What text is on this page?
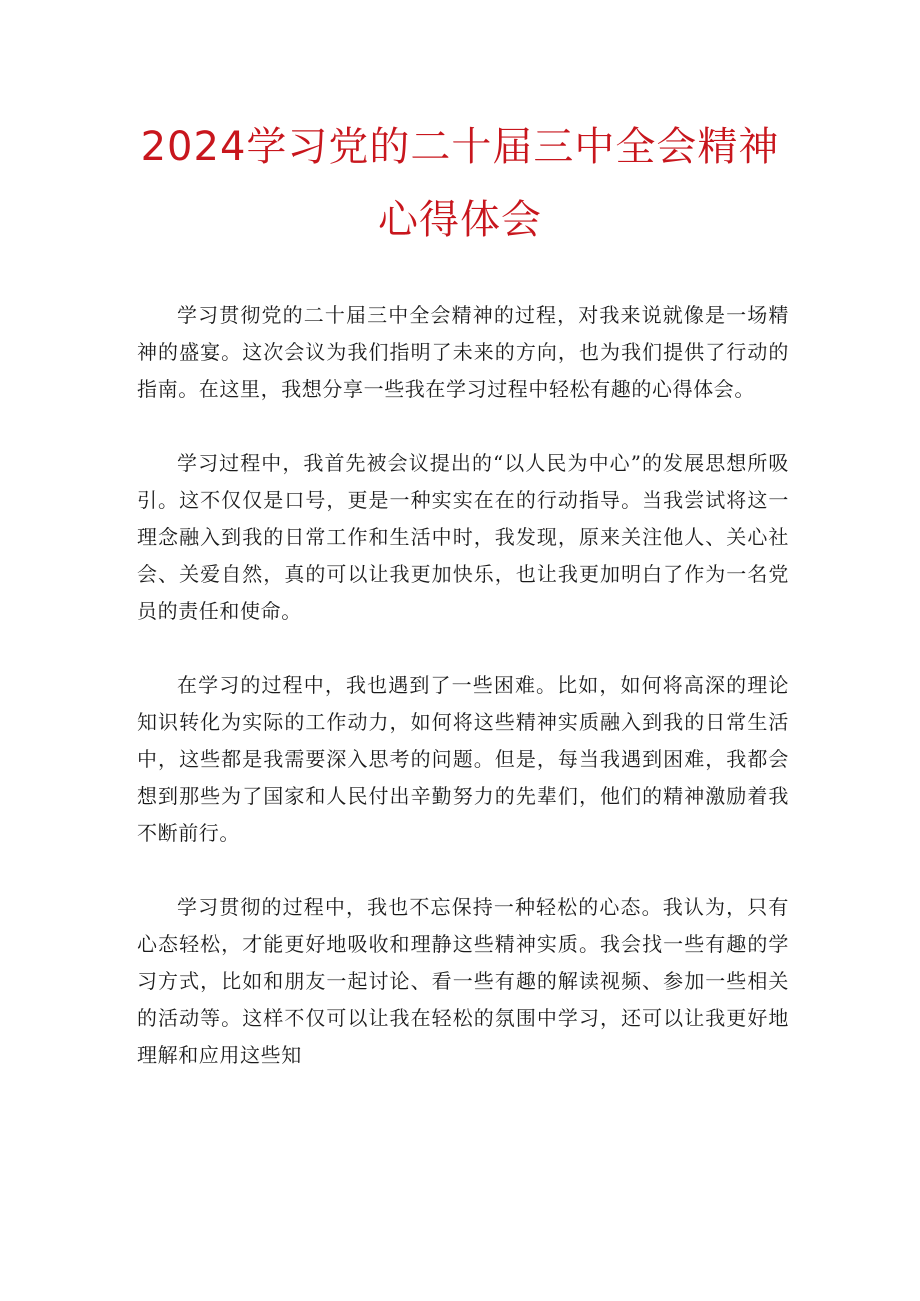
2024学习党的二十届三中全会精神
心得体会

学习贯彻党的二十届三中全会精神的过程，对我来说就像是一场精神的盛宴。这次会议为我们指明了未来的方向，也为我们提供了行动的指南。在这里，我想分享一些我在学习过程中轻松有趣的心得体会。

学习过程中，我首先被会议提出的“以人民为中心”的发展思想所吸引。这不仅仅是口号，更是一种实实在在的行动指导。当我尝试将这一理念融入到我的日常工作和生活中时，我发现，原来关注他人、关心社会、关爱自然，真的可以让我更加快乐，也让我更加明白了作为一名党员的责任和使命。

在学习的过程中，我也遇到了一些困难。比如，如何将高深的理论知识转化为实际的工作动力，如何将这些精神实质融入到我的日常生活中，这些都是我需要深入思考的问题。但是，每当我遇到困难，我都会想到那些为了国家和人民付出辛勤努力的先辈们，他们的精神激励着我不断前行。

学习贯彻的过程中，我也不忘保持一种轻松的心态。我认为，只有心态轻松，才能更好地吸收和理静这些精神实质。我会找一些有趣的学习方式，比如和朋友一起讨论、看一些有趣的解读视频、参加一些相关的活动等。这样不仅可以让我在轻松的氛围中学习，还可以让我更好地理解和应用这些知
